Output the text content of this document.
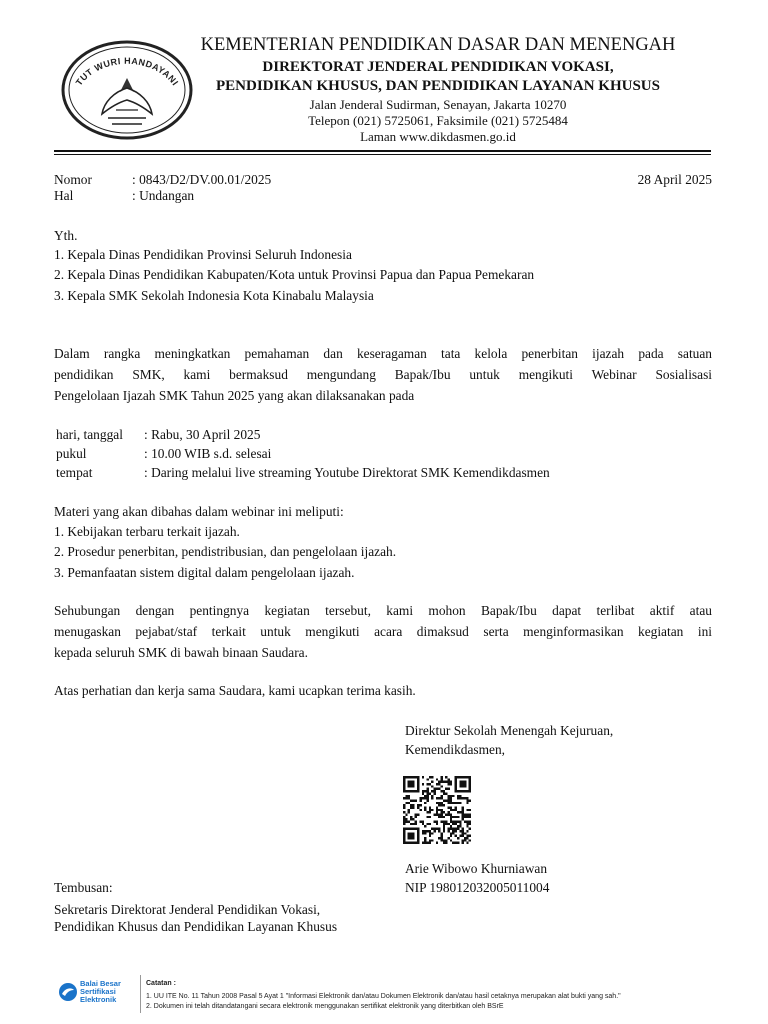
TUT WURI HANDAYANI
KEMENTERIAN PENDIDIKAN DASAR DAN MENENGAH
DIREKTORAT JENDERAL PENDIDIKAN VOKASI,
PENDIDIKAN KHUSUS, DAN PENDIDIKAN LAYANAN KHUSUS
Jalan Jenderal Sudirman, Senayan, Jakarta 10270
Telepon (021) 5725061, Faksimile (021) 5725484
Laman www.dikdasmen.go.id
Nomor	: 0843/D2/DV.00.01/2025	28 April 2025
Hal	: Undangan
Yth.
1. Kepala Dinas Pendidikan Provinsi Seluruh Indonesia
2. Kepala Dinas Pendidikan Kabupaten/Kota untuk Provinsi Papua dan Papua Pemekaran
3. Kepala SMK Sekolah Indonesia Kota Kinabalu Malaysia
Dalam rangka meningkatkan pemahaman dan keseragaman tata kelola penerbitan ijazah pada satuan
pendidikan SMK, kami bermaksud mengundang Bapak/Ibu untuk mengikuti Webinar Sosialisasi
Pengelolaan Ijazah SMK Tahun 2025 yang akan dilaksanakan pada
hari, tanggal : Rabu, 30 April 2025
pukul	: 10.00 WIB s.d. selesai
tempat	: Daring melalui live streaming Youtube Direktorat SMK Kemendikdasmen
Materi yang akan dibahas dalam webinar ini meliputi:
1. Kebijakan terbaru terkait ijazah.
2. Prosedur penerbitan, pendistribusian, dan pengelolaan ijazah.
3. Pemanfaatan sistem digital dalam pengelolaan ijazah.
Sehubungan dengan pentingnya kegiatan tersebut, kami mohon Bapak/Ibu dapat terlibat aktif atau
menugaskan pejabat/staf terkait untuk mengikuti acara dimaksud serta menginformasikan kegiatan ini
kepada seluruh SMK di bawah binaan Saudara.
Atas perhatian dan kerja sama Saudara, kami ucapkan terima kasih.
Direktur Sekolah Menengah Kejuruan,
Kemendikdasmen,
Arie Wibowo Khurniawan
NIP 198012032005011004
Tembusan:
Sekretaris Direktorat Jenderal Pendidikan Vokasi,
Pendidikan Khusus dan Pendidikan Layanan Khusus
Balai Besar
Sertifikasi
Elektronik
Catatan :
1. UU ITE No. 11 Tahun 2008 Pasal 5 Ayat 1 "Informasi Elektronik dan/atau Dokumen Elektronik dan/atau hasil cetaknya merupakan alat bukti yang sah."
2. Dokumen ini telah ditandatangani secara elektronik menggunakan sertifikat elektronik yang diterbitkan oleh BSrE
